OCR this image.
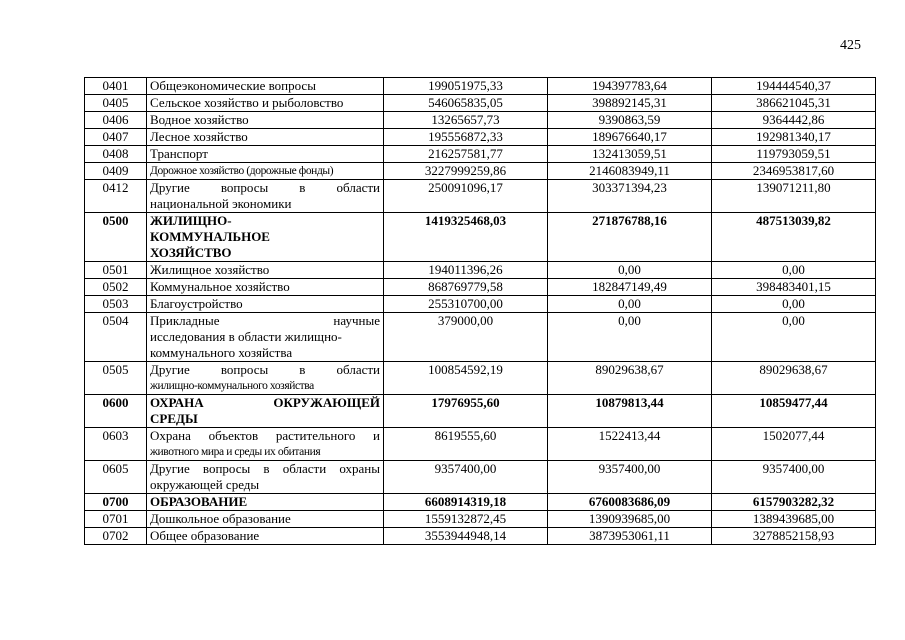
425
0401	Общеэкономические вопросы	199051975,33	194397783,64	194444540,37
0405	Сельское хозяйство и рыболовство	546065835,05	398892145,31	386621045,31
0406	Водное хозяйство	13265657,73	9390863,59	9364442,86
0407	Лесное хозяйство	195556872,33	189676640,17	192981340,17
0408	Транспорт	216257581,77	132413059,51	119793059,51
0409	Дорожное хозяйство (дорожные фонды)	3227999259,86	2146083949,11	2346953817,60
0412	Другие вопросы в области
национальной экономики	250091096,17	303371394,23	139071211,80
0500	ЖИЛИЩНО-
КОММУНАЛЬНОЕ
ХОЗЯЙСТВО	1419325468,03	271876788,16	487513039,82
0501	Жилищное хозяйство	194011396,26	0,00	0,00
0502	Коммунальное хозяйство	868769779,58	182847149,49	398483401,15
0503	Благоустройство	255310700,00	0,00	0,00
0504	Прикладные научные
исследования в области жилищно-
коммунального хозяйства	379000,00	0,00	0,00
0505	Другие вопросы в области
жилищно-коммунального хозяйства	100854592,19	89029638,67	89029638,67
0600	ОХРАНА ОКРУЖАЮЩЕЙ
СРЕДЫ	17976955,60	10879813,44	10859477,44
0603	Охрана объектов растительного и
животного мира и среды их обитания	8619555,60	1522413,44	1502077,44
0605	Другие вопросы в области охраны
окружающей среды	9357400,00	9357400,00	9357400,00
0700	ОБРАЗОВАНИЕ	6608914319,18	6760083686,09	6157903282,32
0701	Дошкольное образование	1559132872,45	1390939685,00	1389439685,00
0702	Общее образование	3553944948,14	3873953061,11	3278852158,93
